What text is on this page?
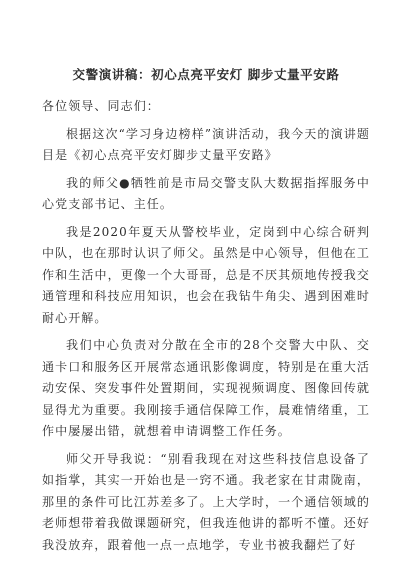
交警演讲稿：初心点亮平安灯 脚步丈量平安路
各位领导、同志们：
根据这次“学习身边榜样”演讲活动，我今天的演讲题目是《初心点亮平安灯脚步丈量平安路》
我的师父●牺牲前是市局交警支队大数据指挥服务中心党支部书记、主任。
我是2020年夏天从警校毕业，定岗到中心综合研判中队，也在那时认识了师父。虽然是中心领导，但他在工作和生活中，更像一个大哥哥，总是不厌其烦地传授我交通管理和科技应用知识，也会在我钻牛角尖、遇到困难时耐心开解。
我们中心负责对分散在全市的28个交警大中队、交通卡口和服务区开展常态通讯影像调度，特别是在重大活动安保、突发事件处置期间，实现视频调度、图像回传就显得尤为重要。我刚接手通信保障工作，晨难情绪重，工作中屡屡出错，就想着申请调整工作任务。
师父开导我说：“别看我现在对这些科技信息设备了如指掌，其实一开始也是一窍不通。我老家在甘肃陇南，那里的条件可比江苏差多了。上大学时，一个通信领域的老师想带着我做课题研究，但我连他讲的都听不懂。还好我没放弃，跟着他一点一点地学，专业书被我翻烂了好
